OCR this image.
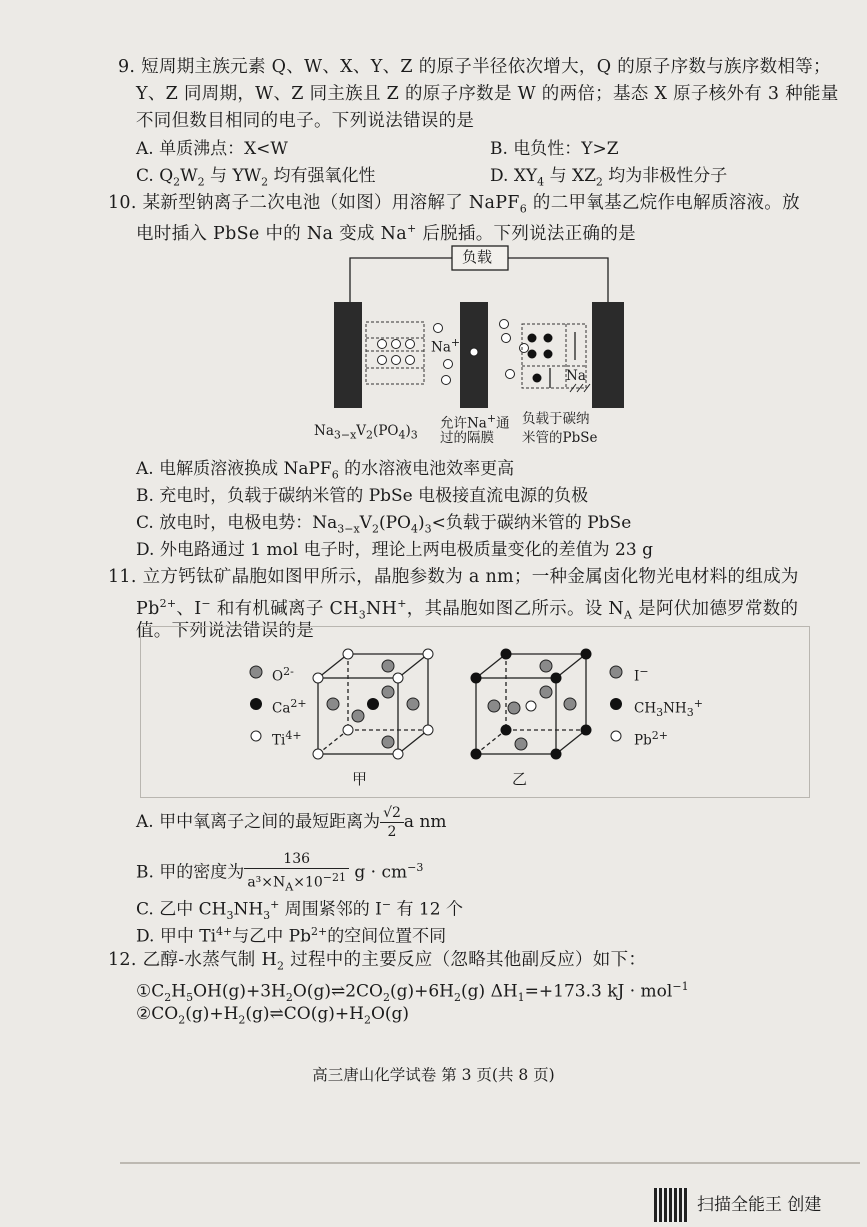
9. 短周期主族元素 Q、W、X、Y、Z 的原子半径依次增大，Q 的原子序数与族序数相等；
Y、Z 同周期，W、Z 同主族且 Z 的原子序数是 W 的两倍；基态 X 原子核外有 3 种能量
不同但数目相同的电子。下列说法错误的是
A. 单质沸点：X<W	B. 电负性：Y>Z
C. $Q_2W_2$ 与 $YW_2$ 均有强氧化性	D. $XY_4$ 与 $XZ_2$ 均为非极性分子
10. 某新型钠离子二次电池（如图）用溶解了 NaPF$_6$ 的二甲氧基乙烷作电解质溶液。放
电时插入 PbSe 中的 Na 变成 Na+ 后脱插。下列说法正确的是
负载
Na+
Na
$Na_{3-x}V_2(PO_4)_3$
允许Na+通
过的隔膜
负载于碳纳
米管的PbSe
A. 电解质溶液换成 NaPF$_6$ 的水溶液电池效率更高
B. 充电时，负载于碳纳米管的 PbSe 电极接直流电源的负极
C. 放电时，电极电势：$Na_{3-x}V_2(PO_4)_3<$负载于碳纳米管的 PbSe
D. 外电路通过 1 mol 电子时，理论上两电极质量变化的差值为 23 g
11. 立方钙钛矿晶胞如图甲所示，晶胞参数为 a nm；一种金属卤化物光电材料的组成为
$Pb^{2+}$、I− 和有机碱离子 $CH_3NH^+$，其晶胞如图乙所示。设 $N_A$ 是阿伏加德罗常数的
值。下列说法错误的是
$O^{2-}$
$Ca^{2+}$
$Ti^{4+}$
甲	乙
I−
$CH_3NH_3^+$
$Pb^{2+}$
A. 甲中氧离子之间的最短距离为 $\frac{√2}{2}$ a nm
B. 甲的密度为 $\frac{136}{a^3\times N_A\times 10^{-21}}$ $g \cdot cm^{-3}$
C. 乙中 $CH_3NH_3^+$ 周围紧邻的 I− 有 12 个
D. 甲中 $Ti^{4+}$与乙中 $Pb^{2+}$的空间位置不同
12. 乙醇-水蒸气制 $H_2$ 过程中的主要反应（忽略其他副反应）如下：
$①C_2H_5OH(g)+3H_2O(g)\rightleftharpoons 2CO_2(g)+6H_2(g)$ $\Delta H_1=+173.3$ kJ · mol$^{-1}$
$②CO_2(g)+H_2(g)\rightleftharpoons CO(g)+H_2O(g)$
高三唐山化学试卷 第 3 页(共 8 页)
扫描全能王 创建
